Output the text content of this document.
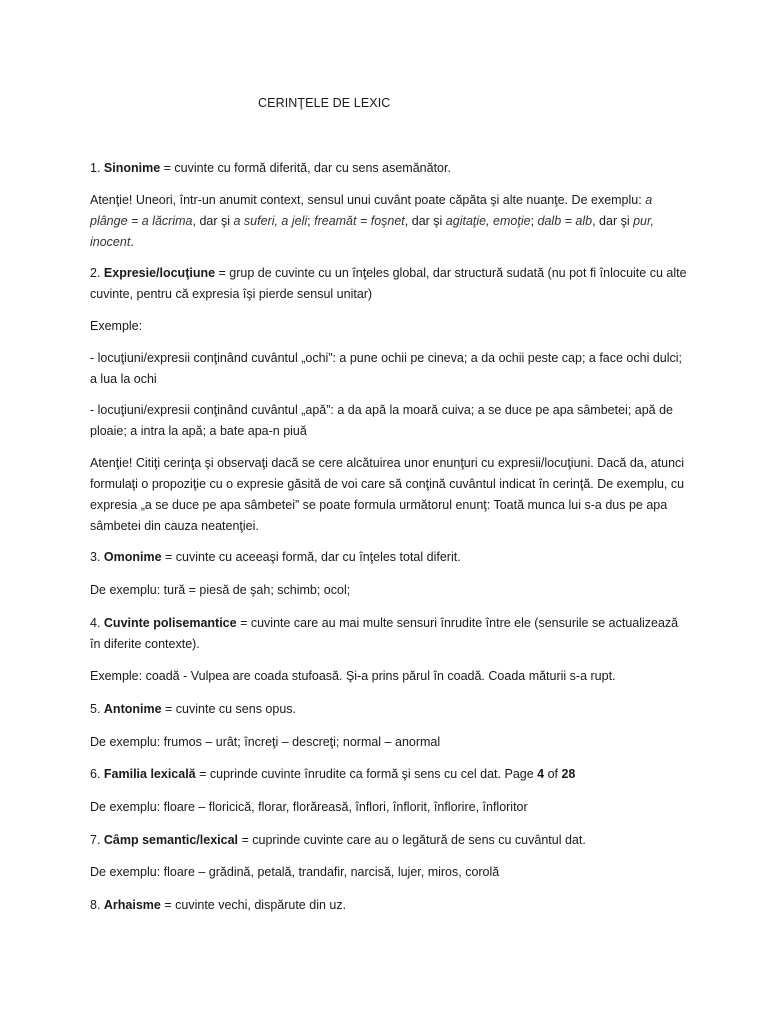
CERINŢELE DE LEXIC

1. Sinonime = cuvinte cu formă diferită, dar cu sens asemănător.

Atenţie! Uneori, într-un anumit context, sensul unui cuvânt poate căpăta şi alte nuanţe. De exemplu: a plânge = a lăcrima, dar şi a suferi, a jeli; freamăt = foşnet, dar şi agitaţie, emoţie; dalb = alb, dar şi pur, inocent.

2. Expresie/locuţiune = grup de cuvinte cu un înţeles global, dar structură sudată (nu pot fi înlocuite cu alte cuvinte, pentru că expresia îşi pierde sensul unitar)

Exemple:

- locuţiuni/expresii conţinând cuvântul „ochi”: a pune ochii pe cineva; a da ochii peste cap; a face ochi dulci; a lua la ochi

- locuţiuni/expresii conţinând cuvântul „apă”: a da apă la moară cuiva; a se duce pe apa sâmbetei; apă de ploaie; a intra la apă; a bate apa-n piuă

Atenţie! Citiţi cerinţa şi observaţi dacă se cere alcătuirea unor enunţuri cu expresii/locuţiuni. Dacă da, atunci formulaţi o propoziţie cu o expresie găsită de voi care să conţină cuvântul indicat în cerinţă. De exemplu, cu expresia „a se duce pe apa sâmbetei” se poate formula următorul enunţ: Toată munca lui s-a dus pe apa sâmbetei din cauza neatenţiei.

3. Omonime = cuvinte cu aceeaşi formă, dar cu înţeles total diferit.

De exemplu: tură = piesă de şah; schimb; ocol;

4. Cuvinte polisemantice = cuvinte care au mai multe sensuri înrudite între ele (sensurile se actualizează în diferite contexte).

Exemple: coadă - Vulpea are coada stufoasă. Şi-a prins părul în coadă. Coada măturii s-a rupt.

5. Antonime = cuvinte cu sens opus.

De exemplu: frumos – urât; încreţi – descreţi; normal – anormal

6. Familia lexicală = cuprinde cuvinte înrudite ca formă şi sens cu cel dat. Page 4 of 28

De exemplu: floare – floricică, florar, florăreasă, înflori, înflorit, înflorire, înfloritor

7. Câmp semantic/lexical = cuprinde cuvinte care au o legătură de sens cu cuvântul dat.

De exemplu: floare – grădină, petală, trandafir, narcisă, lujer, miros, corolă

8. Arhaisme = cuvinte vechi, dispărute din uz.
